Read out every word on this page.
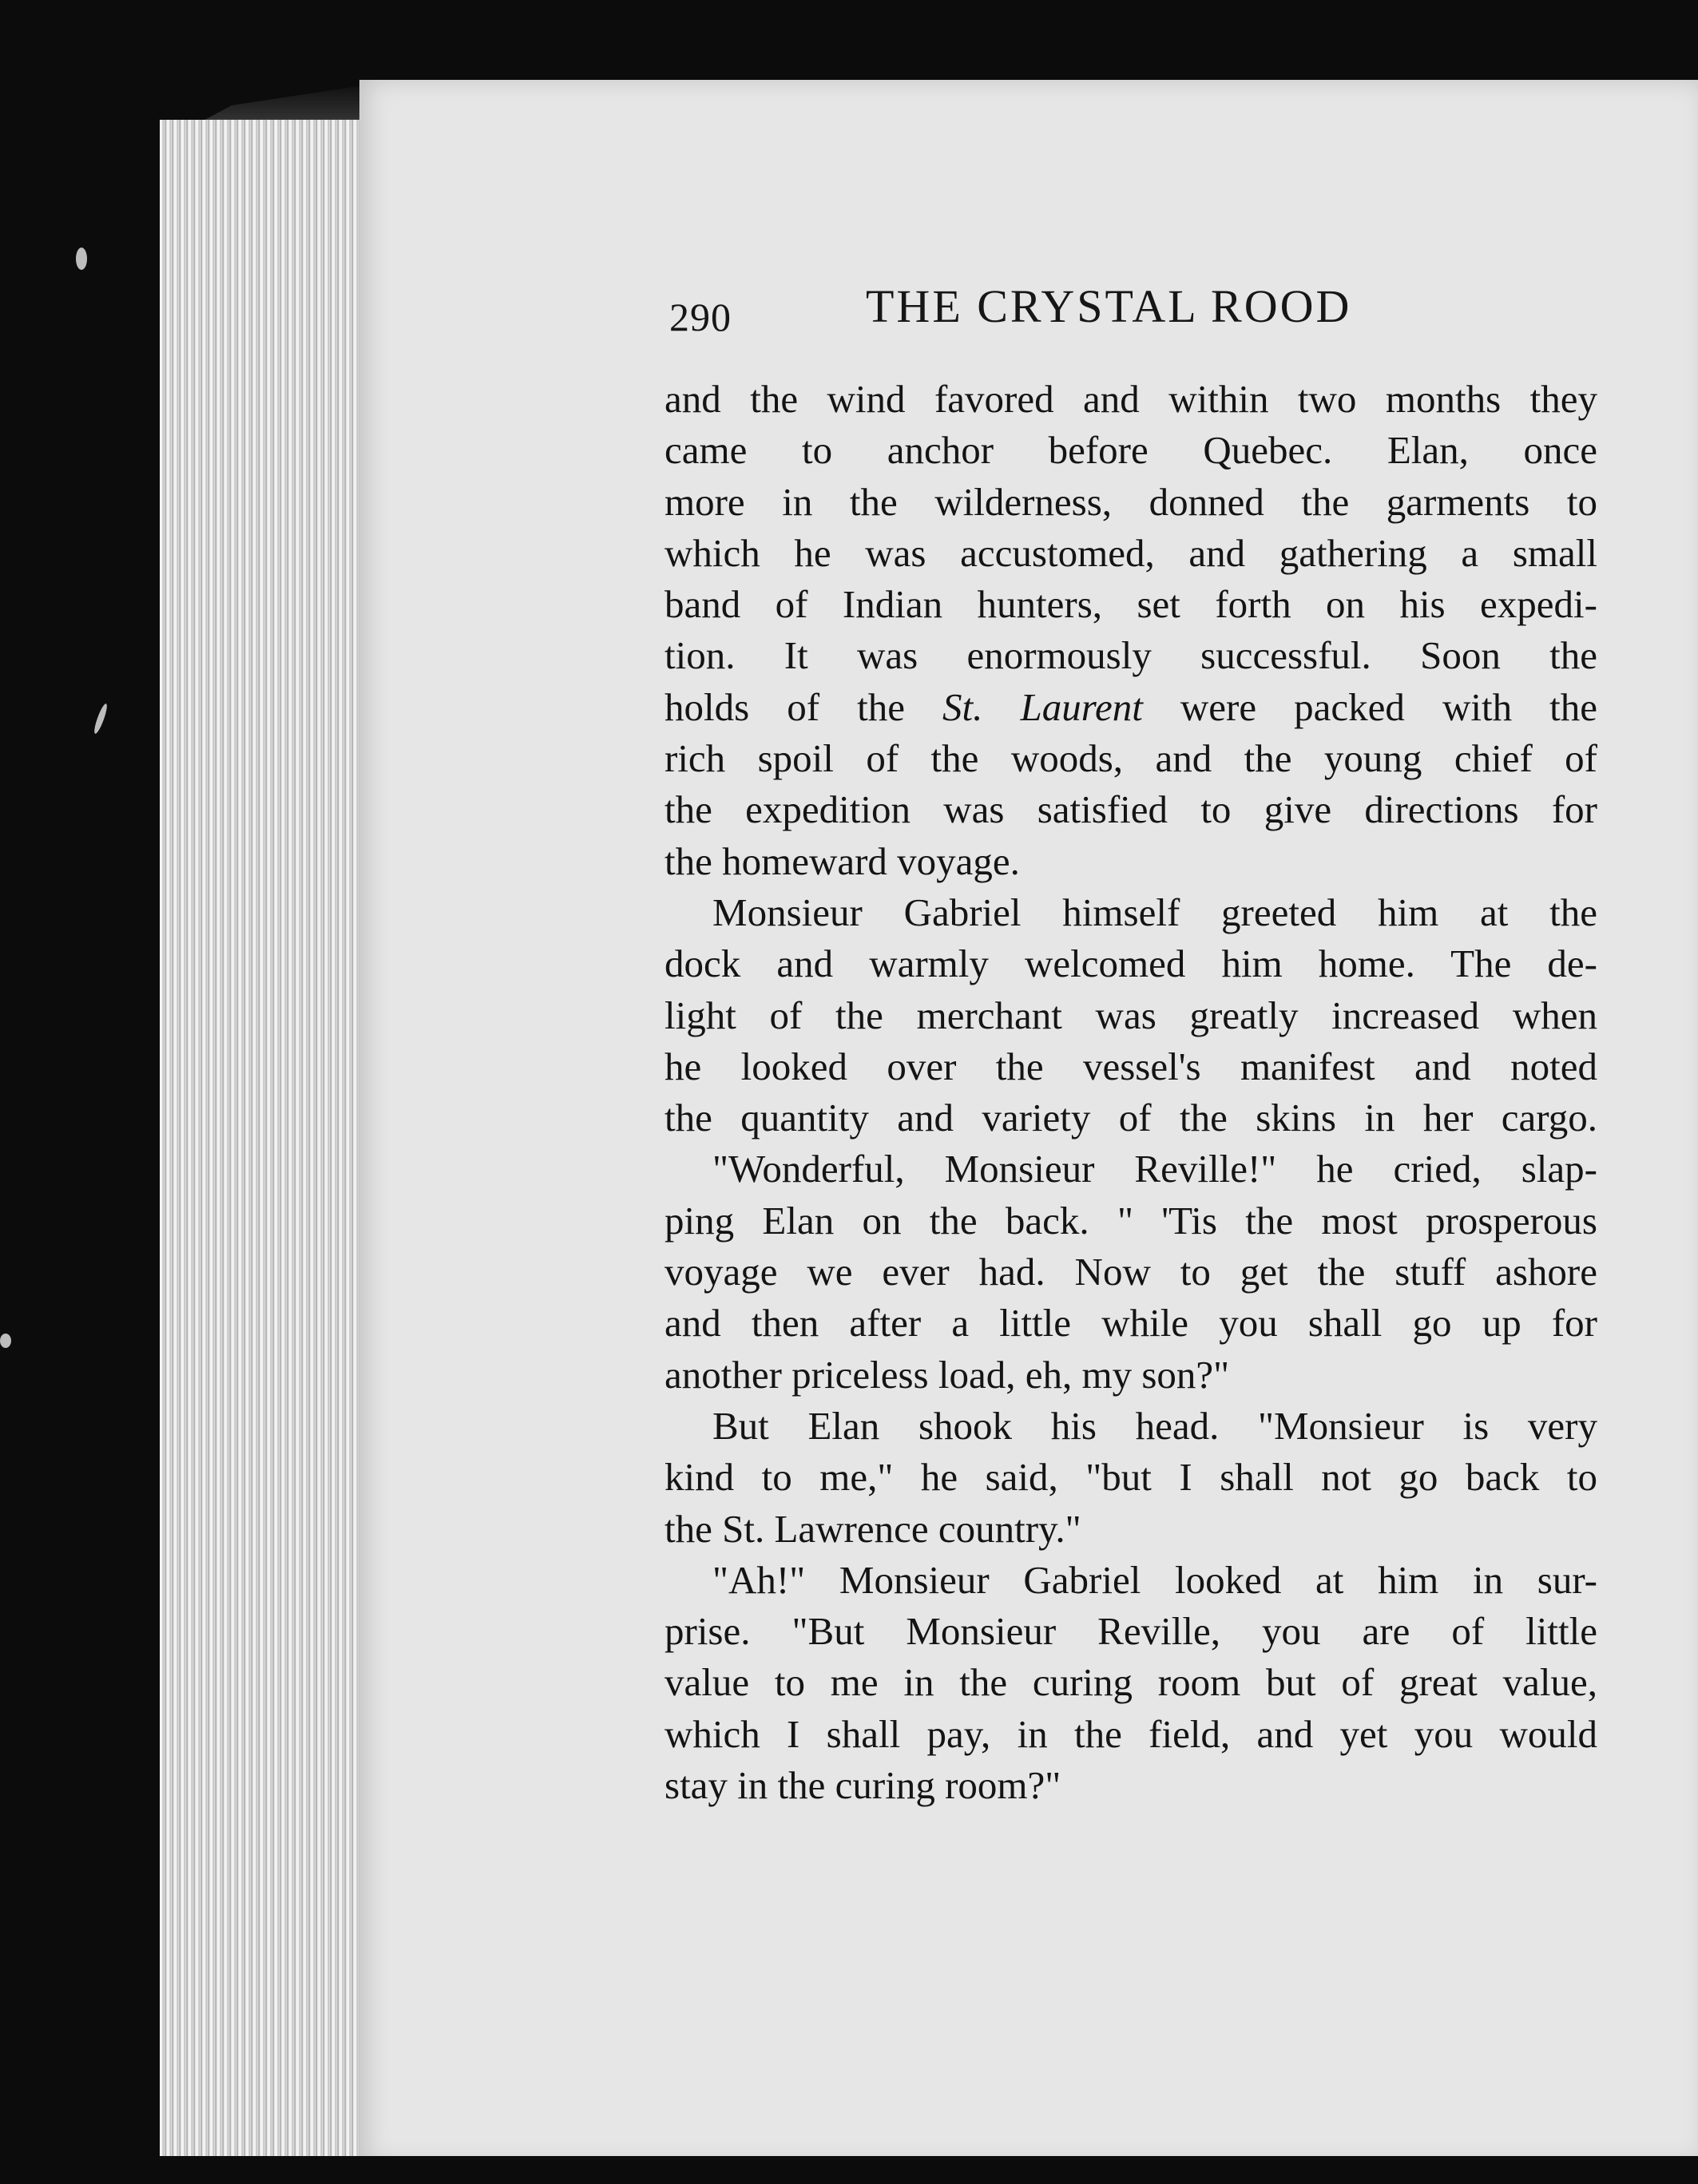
290	THE CRYSTAL ROOD
and the wind favored and within two months they
came to anchor before Quebec. Elan, once
more in the wilderness, donned the garments to
which he was accustomed, and gathering a small
band of Indian hunters, set forth on his expedi-
tion. It was enormously successful. Soon the
holds of the St. Laurent were packed with the
rich spoil of the woods, and the young chief of
the expedition was satisfied to give directions for
the homeward voyage.
Monsieur Gabriel himself greeted him at the
dock and warmly welcomed him home. The de-
light of the merchant was greatly increased when
he looked over the vessel's manifest and noted
the quantity and variety of the skins in her cargo.
"Wonderful, Monsieur Reville!" he cried, slap-
ping Elan on the back. " 'Tis the most prosperous
voyage we ever had. Now to get the stuff ashore
and then after a little while you shall go up for
another priceless load, eh, my son?"
But Elan shook his head. "Monsieur is very
kind to me," he said, "but I shall not go back to
the St. Lawrence country."
"Ah!" Monsieur Gabriel looked at him in sur-
prise. "But Monsieur Reville, you are of little
value to me in the curing room but of great value,
which I shall pay, in the field, and yet you would
stay in the curing room?"
